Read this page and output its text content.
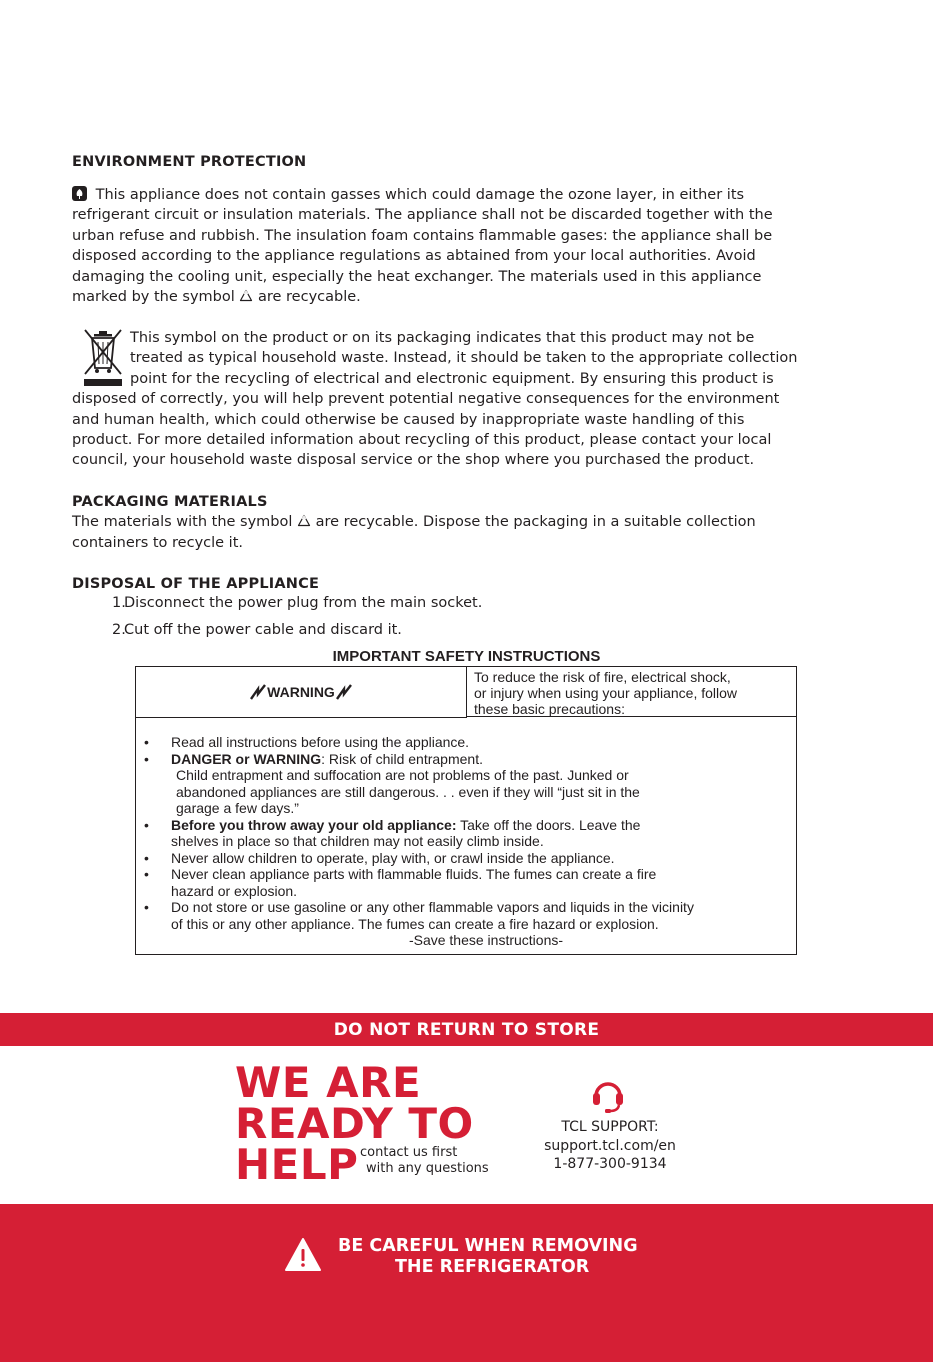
ENVIRONMENT PROTECTION
This appliance does not contain gasses which could damage the ozone layer, in either its
refrigerant circuit or insulation materials. The appliance shall not be discarded together with the
urban refuse and rubbish. The insulation foam contains flammable gases: the appliance shall be
disposed according to the appliance regulations as abtained from your local authorities. Avoid
damaging the cooling unit, especially the heat exchanger. The materials used in this appliance
marked by the symbol are recycable.
This symbol on the product or on its packaging indicates that this product may not be
treated as typical household waste. Instead, it should be taken to the appropriate collection
point for the recycling of electrical and electronic equipment. By ensuring this product is
disposed of correctly, you will help prevent potential negative consequences for the environment
and human health, which could otherwise be caused by inappropriate waste handling of this
product. For more detailed information about recycling of this product, please contact your local
council, your household waste disposal service or the shop where you purchased the product.
PACKAGING MATERIALS
The materials with the symbol are recycable. Dispose the packaging in a suitable collection
containers to recycle it.
DISPOSAL OF THE APPLIANCE
1.
Disconnect the power plug from the main socket.
2.
Cut off the power cable and discard it.
IMPORTANT SAFETY INSTRUCTIONS
WARNING
To reduce the risk of fire, electrical shock,
or injury when using your appliance, follow
these basic precautions:
• Read all instructions before using the appliance.
• DANGER or WARNING: Risk of child entrapment.
Child entrapment and suffocation are not problems of the past. Junked or
abandoned appliances are still dangerous. . . even if they will “just sit in the
garage a few days.”
• Before you throw away your old appliance: Take off the doors. Leave the
shelves in place so that children may not easily climb inside.
• Never allow children to operate, play with, or crawl inside the appliance.
• Never clean appliance parts with flammable fluids. The fumes can create a fire
hazard or explosion.
• Do not store or use gasoline or any other flammable vapors and liquids in the vicinity
of this or any other appliance. The fumes can create a fire hazard or explosion.
-Save these instructions-
DO NOT RETURN TO STORE
WE ARE
READY TO
HELP contact us first
with any questions
TCL SUPPORT:
support.tcl.com/en
1-877-300-9134
BE CAREFUL WHEN REMOVING
THE REFRIGERATOR
